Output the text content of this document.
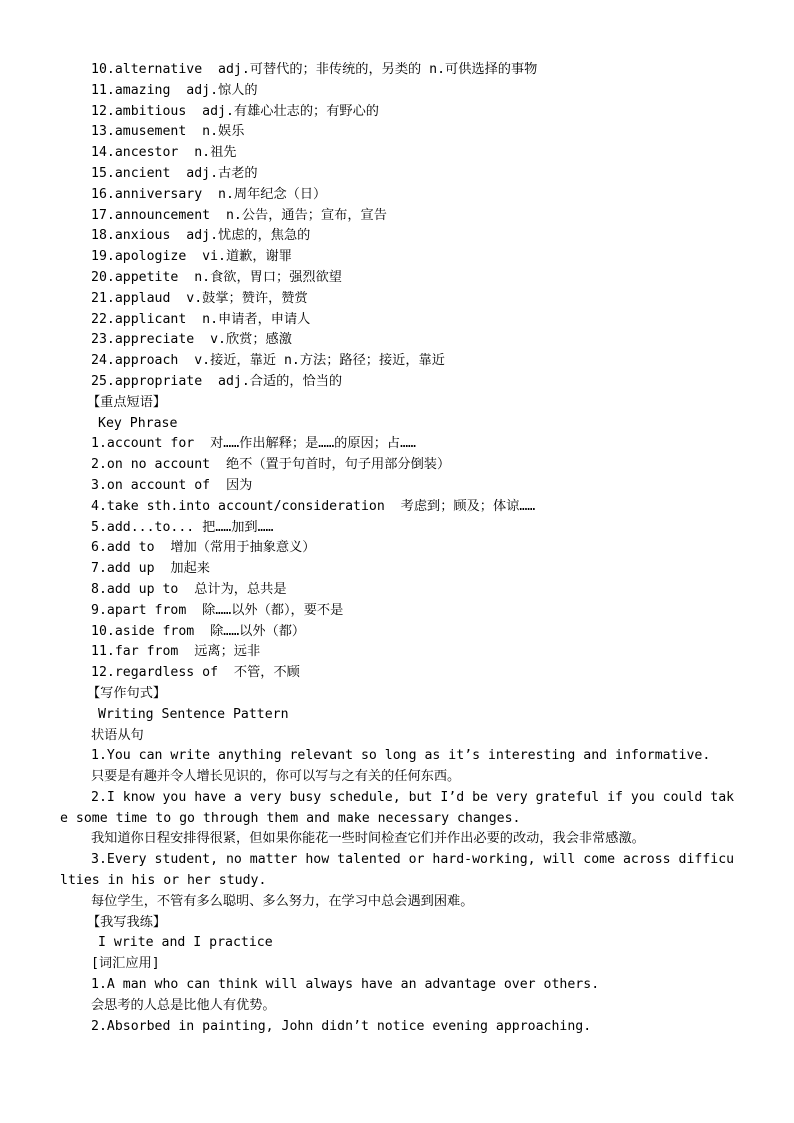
10.alternative  adj.可替代的；非传统的，另类的 n.可供选择的事物

11.amazing  adj.惊人的

12.ambitious  adj.有雄心壮志的；有野心的

13.amusement  n.娱乐

14.ancestor  n.祖先

15.ancient  adj.古老的

16.anniversary  n.周年纪念（日）

17.announcement  n.公告，通告；宣布，宣告

18.anxious  adj.忧虑的，焦急的

19.apologize  vi.道歉，谢罪

20.appetite  n.食欲，胃口；强烈欲望

21.applaud  v.鼓掌；赞许，赞赏

22.applicant  n.申请者，申请人

23.appreciate  v.欣赏；感激

24.approach  v.接近，靠近 n.方法；路径；接近，靠近

25.appropriate  adj.合适的，恰当的

【重点短语】

Key Phrase

1.account for  对……作出解释；是……的原因；占……

2.on no account  绝不（置于句首时，句子用部分倒装）

3.on account of  因为

4.take sth.into account/consideration  考虑到；顾及；体谅……

5.add...to... 把……加到……

6.add to  增加（常用于抽象意义）

7.add up  加起来

8.add up to  总计为，总共是

9.apart from  除……以外（都），要不是

10.aside from  除……以外（都）

11.far from  远离；远非

12.regardless of  不管，不顾

【写作句式】

Writing Sentence Pattern

状语从句

1.You can write anything relevant so long as it’s interesting and informative.

只要是有趣并令人增长见识的，你可以写与之有关的任何东西。

2.I know you have a very busy schedule, but I’d be very grateful if you could take some time to go through them and make necessary changes.

我知道你日程安排得很紧，但如果你能花一些时间检查它们并作出必要的改动，我会非常感激。

3.Every student, no matter how talented or hard-working, will come across difficulties in his or her study.

每位学生，不管有多么聪明、多么努力，在学习中总会遇到困难。

【我写我练】

I write and I practice

[词汇应用]

1.A man who can think will always have an advantage over others.

会思考的人总是比他人有优势。

2.Absorbed in painting, John didn’t notice evening approaching.
